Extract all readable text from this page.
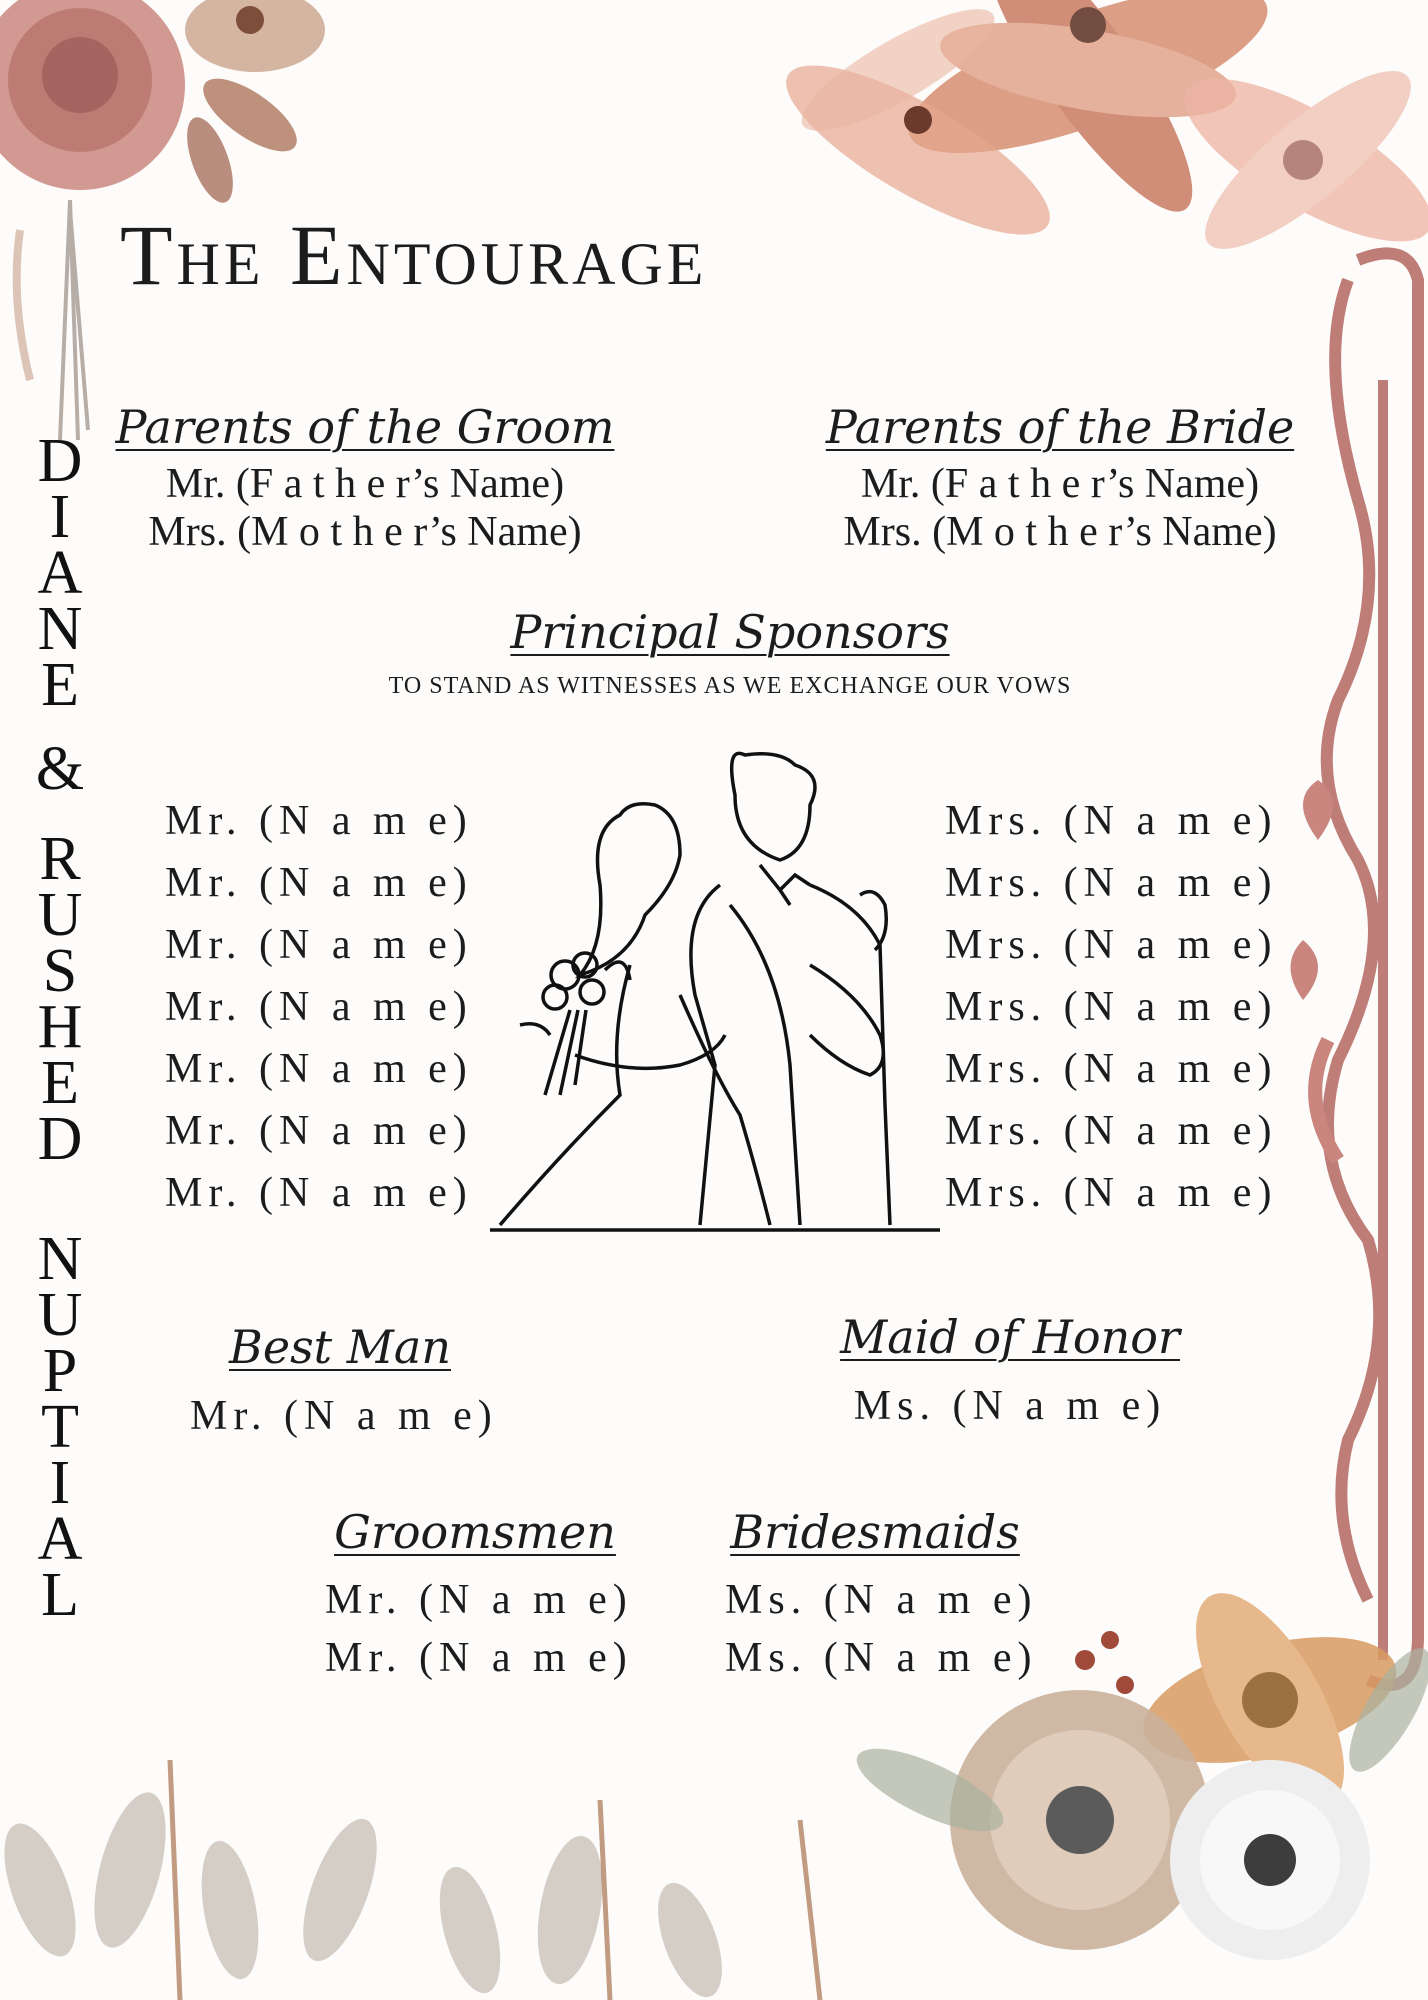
The Entourage
D
I
A
N
E
&
R
U
S
H
E
D
N
U
P
T
I
A
L
Parents of the Groom
Mr. (F a t h e r’s Name)
Mrs. (M o t h e r’s Name)
Parents of the Bride
Mr. (F a t h e r’s Name)
Mrs. (M o t h e r’s Name)
Principal Sponsors
TO STAND AS WITNESSES AS WE EXCHANGE OUR VOWS
Mr. (N a m e)
Mr. (N a m e)
Mr. (N a m e)
Mr. (N a m e)
Mr. (N a m e)
Mr. (N a m e)
Mr. (N a m e)
Mrs. (N a m e)
Mrs. (N a m e)
Mrs. (N a m e)
Mrs. (N a m e)
Mrs. (N a m e)
Mrs. (N a m e)
Mrs. (N a m e)
Best Man
Mr. (N a m e)
Maid of Honor
Ms. (N a m e)
Groomsmen
Mr. (N a m e)
Mr. (N a m e)
Bridesmaids
Ms. (N a m e)
Ms. (N a m e)
